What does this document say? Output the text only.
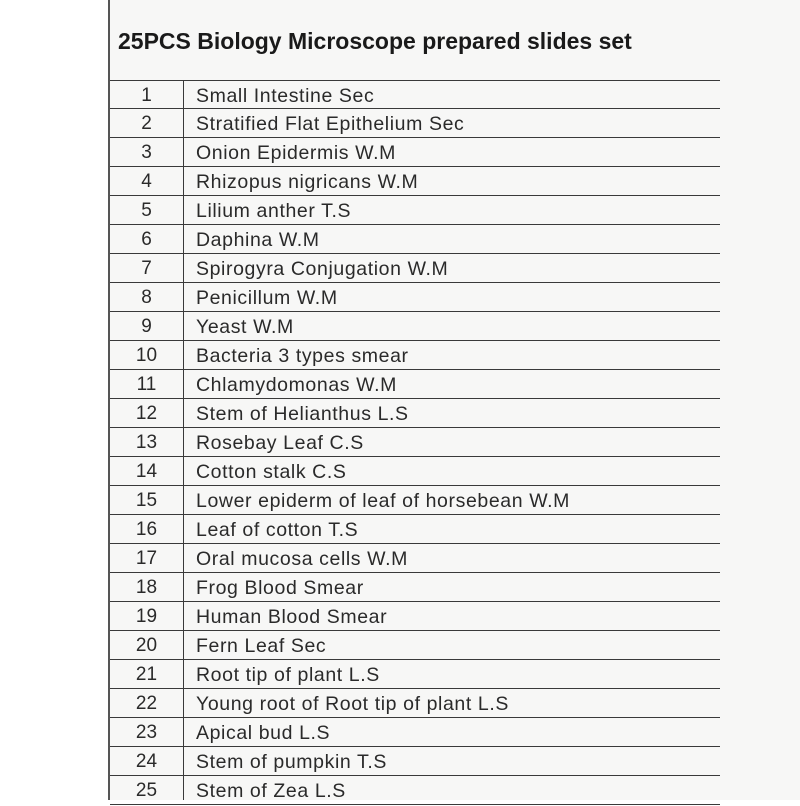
25PCS Biology Microscope prepared slides set
1	Small Intestine Sec
2	Stratified Flat Epithelium Sec
3	Onion Epidermis W.M
4	Rhizopus nigricans W.M
5	Lilium anther T.S
6	Daphina W.M
7	Spirogyra Conjugation W.M
8	Penicillum W.M
9	Yeast W.M
10	Bacteria 3 types smear
11	Chlamydomonas W.M
12	Stem of Helianthus L.S
13	Rosebay Leaf C.S
14	Cotton stalk C.S
15	Lower epiderm of leaf of horsebean W.M
16	Leaf of cotton T.S
17	Oral mucosa cells W.M
18	Frog Blood Smear
19	Human Blood Smear
20	Fern Leaf Sec
21	Root tip of plant L.S
22	Young root of Root tip of plant L.S
23	Apical bud L.S
24	Stem of pumpkin T.S
25	Stem of Zea L.S
